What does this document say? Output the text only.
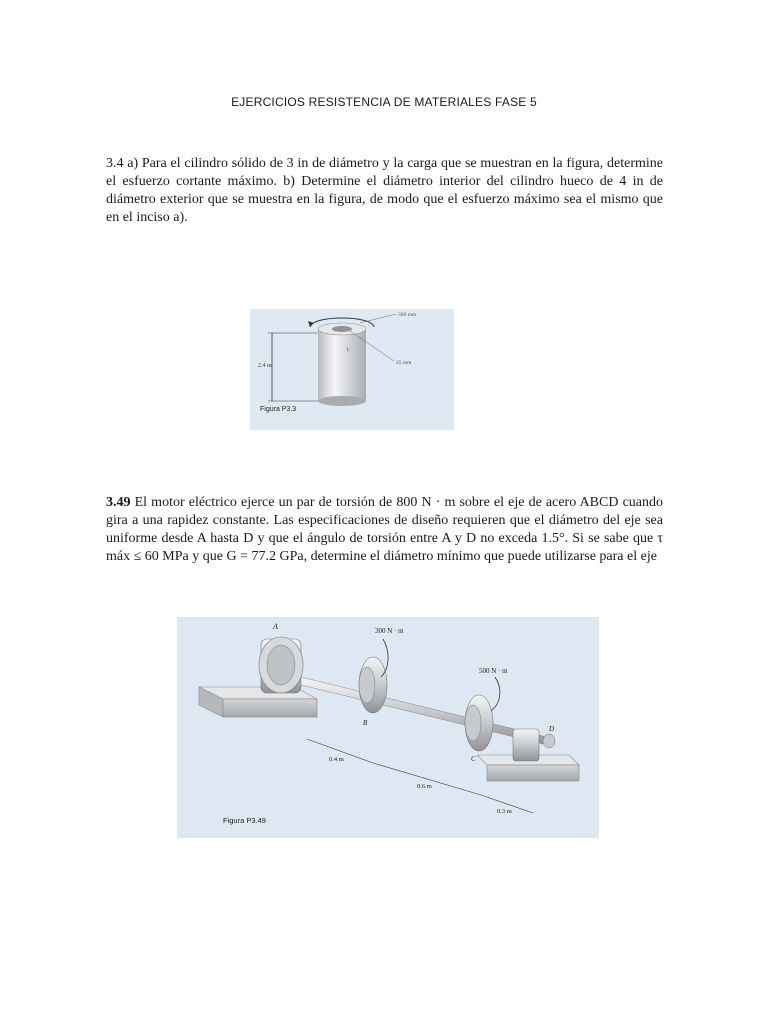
EJERCICIOS RESISTENCIA DE MATERIALES FASE 5
3.4 a) Para el cilindro sólido de 3 in de diámetro y la carga que se muestran en la figura, determine el esfuerzo cortante máximo. b) Determine el diámetro interior del cilindro hueco de 4 in de diámetro exterior que se muestra en la figura, de modo que el esfuerzo máximo sea el mismo que en el inciso a).
2.4 m
300 mm
45 mm
t
Figura P3.3
3.49 El motor eléctrico ejerce un par de torsión de 800 N · m sobre el eje de acero ABCD cuando gira a una rapidez constante. Las especificaciones de diseño requieren que el diámetro del eje sea uniforme desde A hasta D y que el ángulo de torsión entre A y D no exceda 1.5°. Si se sabe que τ máx ≤ 60 MPa y que G = 77.2 GPa, determine el diámetro mínimo que puede utilizarse para el eje
A	300 N · m
B
500 N · m
C
D
0.4 m
0.6 m
0.3 m
Figura P3.49
